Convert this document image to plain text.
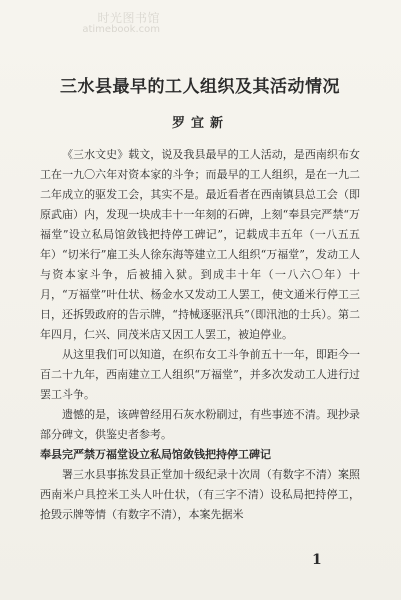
时光图书馆
atimebook.com
三水县最早的工人组织及其活动情况
罗宜新

《三水文史》载文，说及我县最早的工人活动，是西南织布女工在一九〇六年对资本家的斗争；而最早的工人组织，是在一九二二年成立的驱发工会，其实不是。最近看者在西南镇县总工会（即原武庙）内，发现一块成丰十一年刻的石碑，上刻“奉县完严禁“万福堂”设立私局馆敛钱把持停工碑记”，记载成丰五年（一八五五年）“切米行”雇工头人徐东海等建立工人组织“万福堂”，发动工人与资本家斗争，后被捕入狱。到成丰十年（一八六〇年）十月，“万福堂”叶仕状、杨金水又发动工人罢工，使文通米行停工三日，还拆毁政府的告示牌，“持械逐驱汛兵”（即汛池的士兵）。第二年四月，仁兴、同茂米店又因工人罢工，被迫停业。

从这里我们可以知道，在织布女工斗争前五十一年，即距今一百二十九年，西南建立工人组织“万福堂”，并多次发动工人进行过罢工斗争。

遗憾的是，该碑曾经用石灰水粉刷过，有些事迹不清。现抄录部分碑文，供鉴史者参考。

奉县完严禁万福堂设立私局馆敛钱把持停工碑记

署三水县事拣发县正堂加十级纪录十次周（有数字不清）案照西南米户具控米工头人叶仕状，（有三字不清）设私局把持停工，抢毁示牌等情（有数字不清），本案先据米

1
